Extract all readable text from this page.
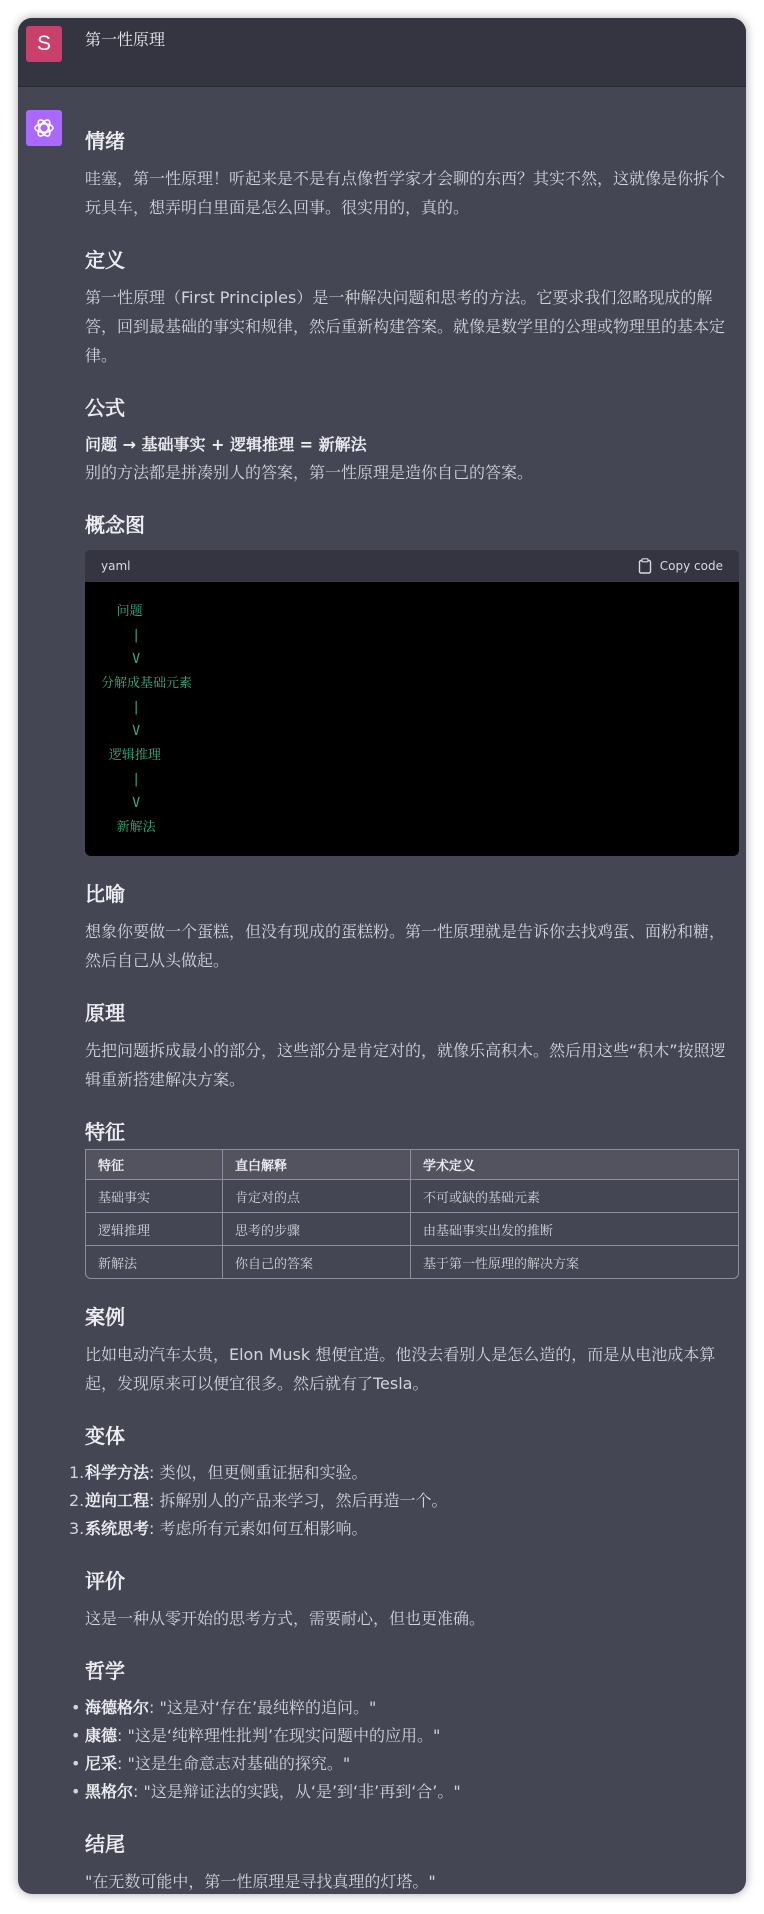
S	第一性原理
情绪

哇塞，第一性原理！听起来是不是有点像哲学家才会聊的东西？其实不然，这就像是你拆个玩具车，想弄明白里面是怎么回事。很实用的，真的。

定义

第一性原理（First Principles）是一种解决问题和思考的方法。它要求我们忽略现成的解答，回到最基础的事实和规律，然后重新构建答案。就像是数学里的公理或物理里的基本定律。

公式
问题 → 基础事实 + 逻辑推理 = 新解法

别的方法都是拼凑别人的答案，第一性原理是造你自己的答案。

概念图
yaml	Copy code
问题
|
V
分解成基础元素
|
V
逻辑推理
|
V
新解法
比喻

想象你要做一个蛋糕，但没有现成的蛋糕粉。第一性原理就是告诉你去找鸡蛋、面粉和糖，然后自己从头做起。

原理

先把问题拆成最小的部分，这些部分是肯定对的，就像乐高积木。然后用这些“积木”按照逻辑重新搭建解决方案。

特征
特征	直白解释	学术定义
基础事实	肯定对的点	不可或缺的基础元素
逻辑推理	思考的步骤	由基础事实出发的推断
新解法	你自己的答案	基于第一性原理的解决方案
案例

比如电动汽车太贵，Elon Musk 想便宜造。他没去看别人是怎么造的，而是从电池成本算起，发现原来可以便宜很多。然后就有了Tesla。

变体
1. 科学方法: 类似，但更侧重证据和实验。
2. 逆向工程: 拆解别人的产品来学习，然后再造一个。
3. 系统思考: 考虑所有元素如何互相影响。
评价

这是一种从零开始的思考方式，需要耐心，但也更准确。

哲学
• 海德格尔: "这是对‘存在’最纯粹的追问。"
• 康德: "这是‘纯粹理性批判’在现实问题中的应用。"
• 尼采: "这是生命意志对基础的探究。"
• 黑格尔: "这是辩证法的实践，从‘是’到‘非’再到‘合’。"
结尾

"在无数可能中，第一性原理是寻找真理的灯塔。"
